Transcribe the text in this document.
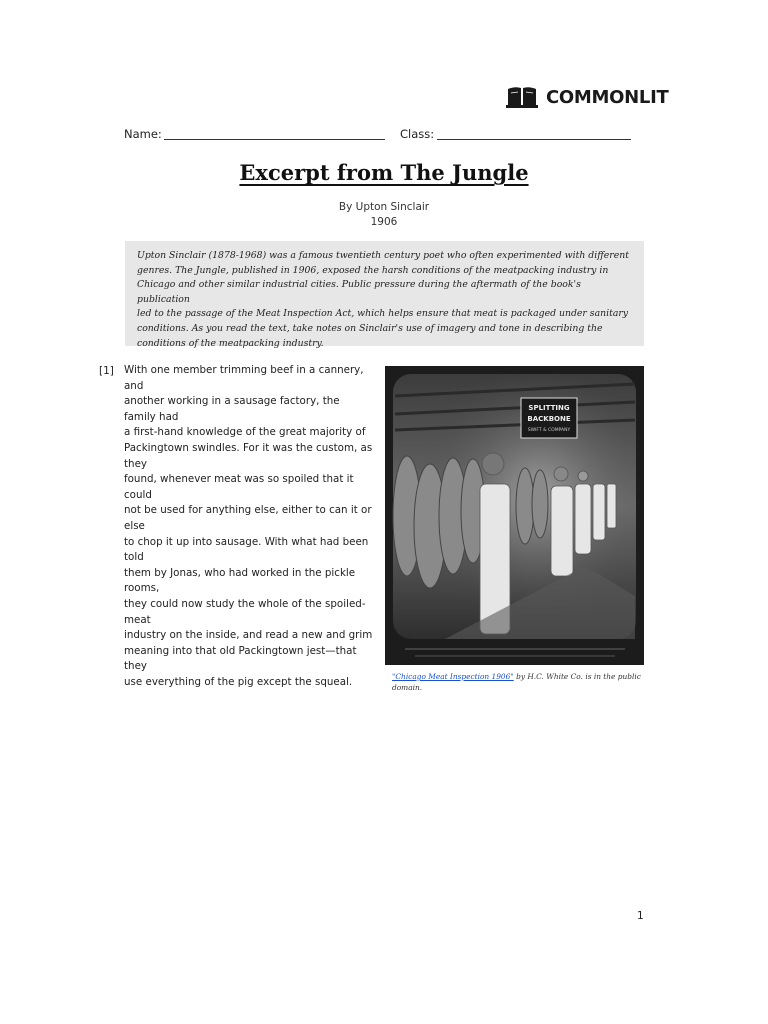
COMMONLIT
Name:	Class:
Excerpt from The Jungle
By Upton Sinclair
1906
Upton Sinclair (1878-1968) was a famous twentieth century poet who often experimented with different
genres. The Jungle, published in 1906, exposed the harsh conditions of the meatpacking industry in
Chicago and other similar industrial cities. Public pressure during the aftermath of the book's publication
led to the passage of the Meat Inspection Act, which helps ensure that meat is packaged under sanitary
conditions. As you read the text, take notes on Sinclair's use of imagery and tone in describing the
conditions of the meatpacking industry.
[1] With one member trimming beef in a cannery, and
another working in a sausage factory, the family had
a first-hand knowledge of the great majority of
Packingtown swindles. For it was the custom, as they
found, whenever meat was so spoiled that it could
not be used for anything else, either to can it or else
to chop it up into sausage. With what had been told
them by Jonas, who had worked in the pickle rooms,
they could now study the whole of the spoiled-meat
industry on the inside, and read a new and grim
meaning into that old Packingtown jest—that they
use everything of the pig except the squeal.
SPLITTING
BACKBONE
SWIFT & COMPANY
"Chicago Meat Inspection 1906" by H.C. White Co. is in the public
domain.
1
